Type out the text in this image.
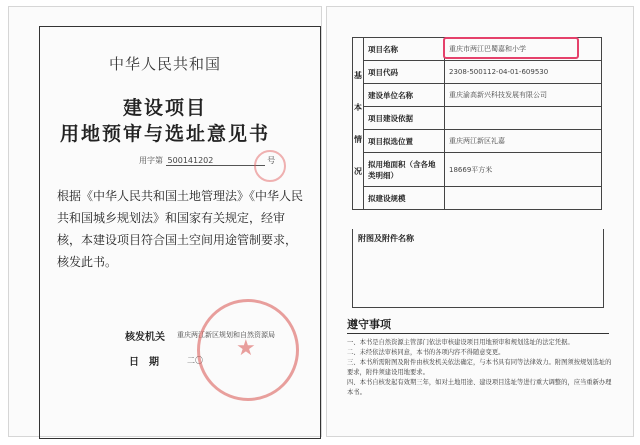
中华人民共和国
建设项目
用地预审与选址意见书
用字第 500141202	号
根据《中华人民共和国土地管理法》《中华人民共和国城乡规划法》和国家有关规定，经审核，本建设项目符合国土空间用途管制要求，核发此书。
核发机关 重庆两江新区规划和自然资源局
日期 二〇 ★
基

本

情

况	项目名称	重庆市两江巴蜀嘉和小学
	项目代码	2308-500112-04-01-609530
	建设单位名称	重庆渝高新兴科技发展有限公司
	项目建设依据	
	项目拟选位置	重庆两江新区礼嘉
	拟用地面积（含各地类明细）	18669平方米
	拟建设规模	
附图及附件名称
遵守事项

一、本书是自然资源主管部门依法审核建设项目用地预审和规划选址的法定凭据。

二、未经依法审核同意，本书的各项内容不得随意变更。

三、本书所需附图及附件由核发机关依法确定，与本书具有同等法律效力。附图须按规划选址的要求，附件须建设用地要求。

四、本书自核发起有效期三年，如对土地用途、建设项目选址等进行重大调整的，应当重新办理本书。
